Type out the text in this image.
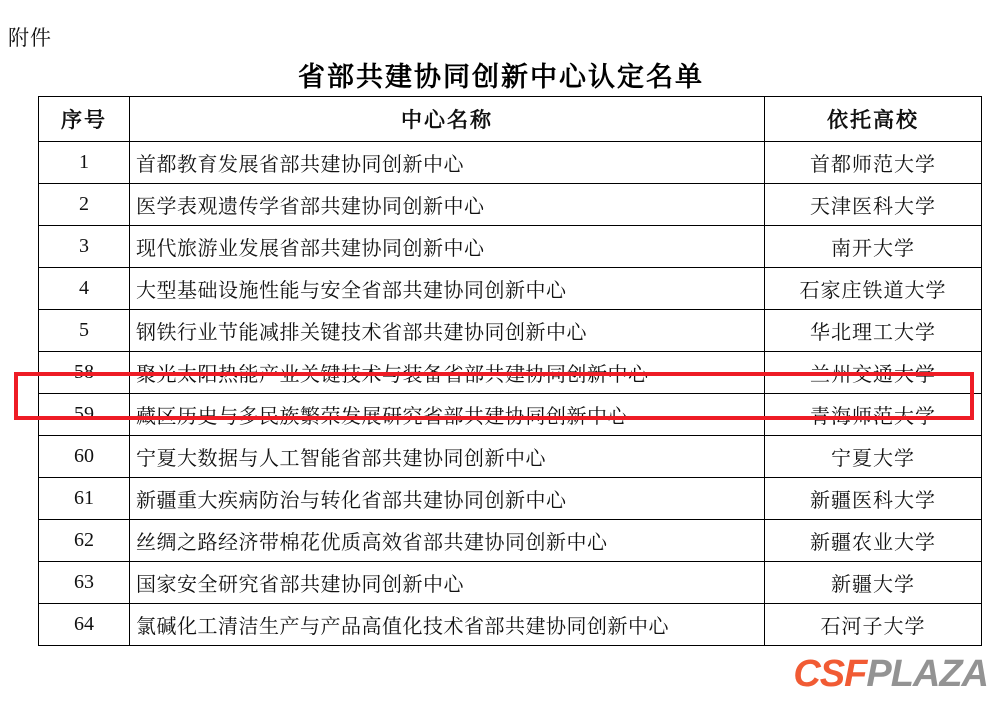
附件
省部共建协同创新中心认定名单
序号	中心名称	依托高校
1	首都教育发展省部共建协同创新中心	首都师范大学
2	医学表观遗传学省部共建协同创新中心	天津医科大学
3	现代旅游业发展省部共建协同创新中心	南开大学
4	大型基础设施性能与安全省部共建协同创新中心	石家庄铁道大学
5	钢铁行业节能减排关键技术省部共建协同创新中心	华北理工大学
58	聚光太阳热能产业关键技术与装备省部共建协同创新中心	兰州交通大学
59	藏区历史与多民族繁荣发展研究省部共建协同创新中心	青海师范大学
60	宁夏大数据与人工智能省部共建协同创新中心	宁夏大学
61	新疆重大疾病防治与转化省部共建协同创新中心	新疆医科大学
62	丝绸之路经济带棉花优质高效省部共建协同创新中心	新疆农业大学
63	国家安全研究省部共建协同创新中心	新疆大学
64	氯碱化工清洁生产与产品高值化技术省部共建协同创新中心	石河子大学
CSFPLAZA
